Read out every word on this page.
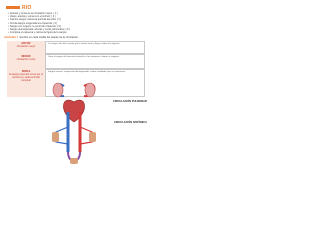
RIO
• Arterias y venas de la circulación mayor: [ 1 ]
• Vasos, arterias y venas con el pulmón: [ 2 ]
• Camino sangre: rellena la aurícula derecha: [ 3 ]
• Circula sangre oxigenada a la izquierda: [ 4 ]
• Sangre con oxígeno: la ventrículo izquierdo: [ 5 ]
• Sangre desoxigenada: arterias y venas pulmonares: [ 6 ]
• Completa el esquema y colorea la figura de la sangre.
Actividad 1 Escribe en cada casilla las etapas de la circulación.
MAYOR
circulación mayor
La sangre sale del corazón por la arteria aorta y llega a todos los órganos.
MENOR
circulación menor
Lleva la sangre del ventrículo derecho a los pulmones, donde se oxigena.
DOBLE
la sangre pasa dos veces por el corazón en cada recorrido completo
Sangre venosa, respiración desoxigenada, cuatro cavidades que se comunican.
CIRCULACIÓN PULMONAR
CIRCULACIÓN SISTÉMICA
